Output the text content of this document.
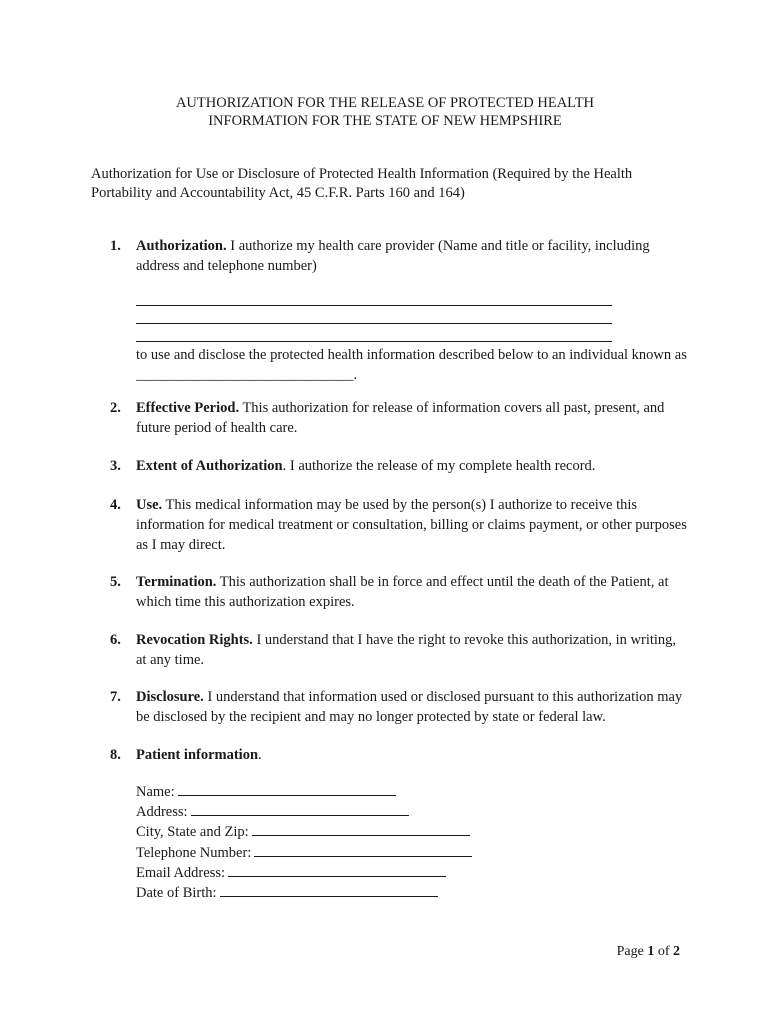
AUTHORIZATION FOR THE RELEASE OF PROTECTED HEALTH
INFORMATION FOR THE STATE OF NEW HEMPSHIRE
Authorization for Use or Disclosure of Protected Health Information (Required by the Health Portability and Accountability Act, 45 C.F.R. Parts 160 and 164)
1. Authorization. I authorize my health care provider (Name and title or facility, including address and telephone number)
to use and disclose the protected health information described below to an individual known as ______________________________.
2. Effective Period. This authorization for release of information covers all past, present, and future period of health care.
3. Extent of Authorization. I authorize the release of my complete health record.
4. Use. This medical information may be used by the person(s) I authorize to receive this information for medical treatment or consultation, billing or claims payment, or other purposes as I may direct.
5. Termination. This authorization shall be in force and effect until the death of the Patient, at which time this authorization expires.
6. Revocation Rights. I understand that I have the right to revoke this authorization, in writing, at any time.
7. Disclosure. I understand that information used or disclosed pursuant to this authorization may be disclosed by the recipient and may no longer protected by state or federal law.
8. Patient information.
Name:
Address:
City, State and Zip:
Telephone Number:
Email Address:
Date of Birth:
Page 1 of 2
